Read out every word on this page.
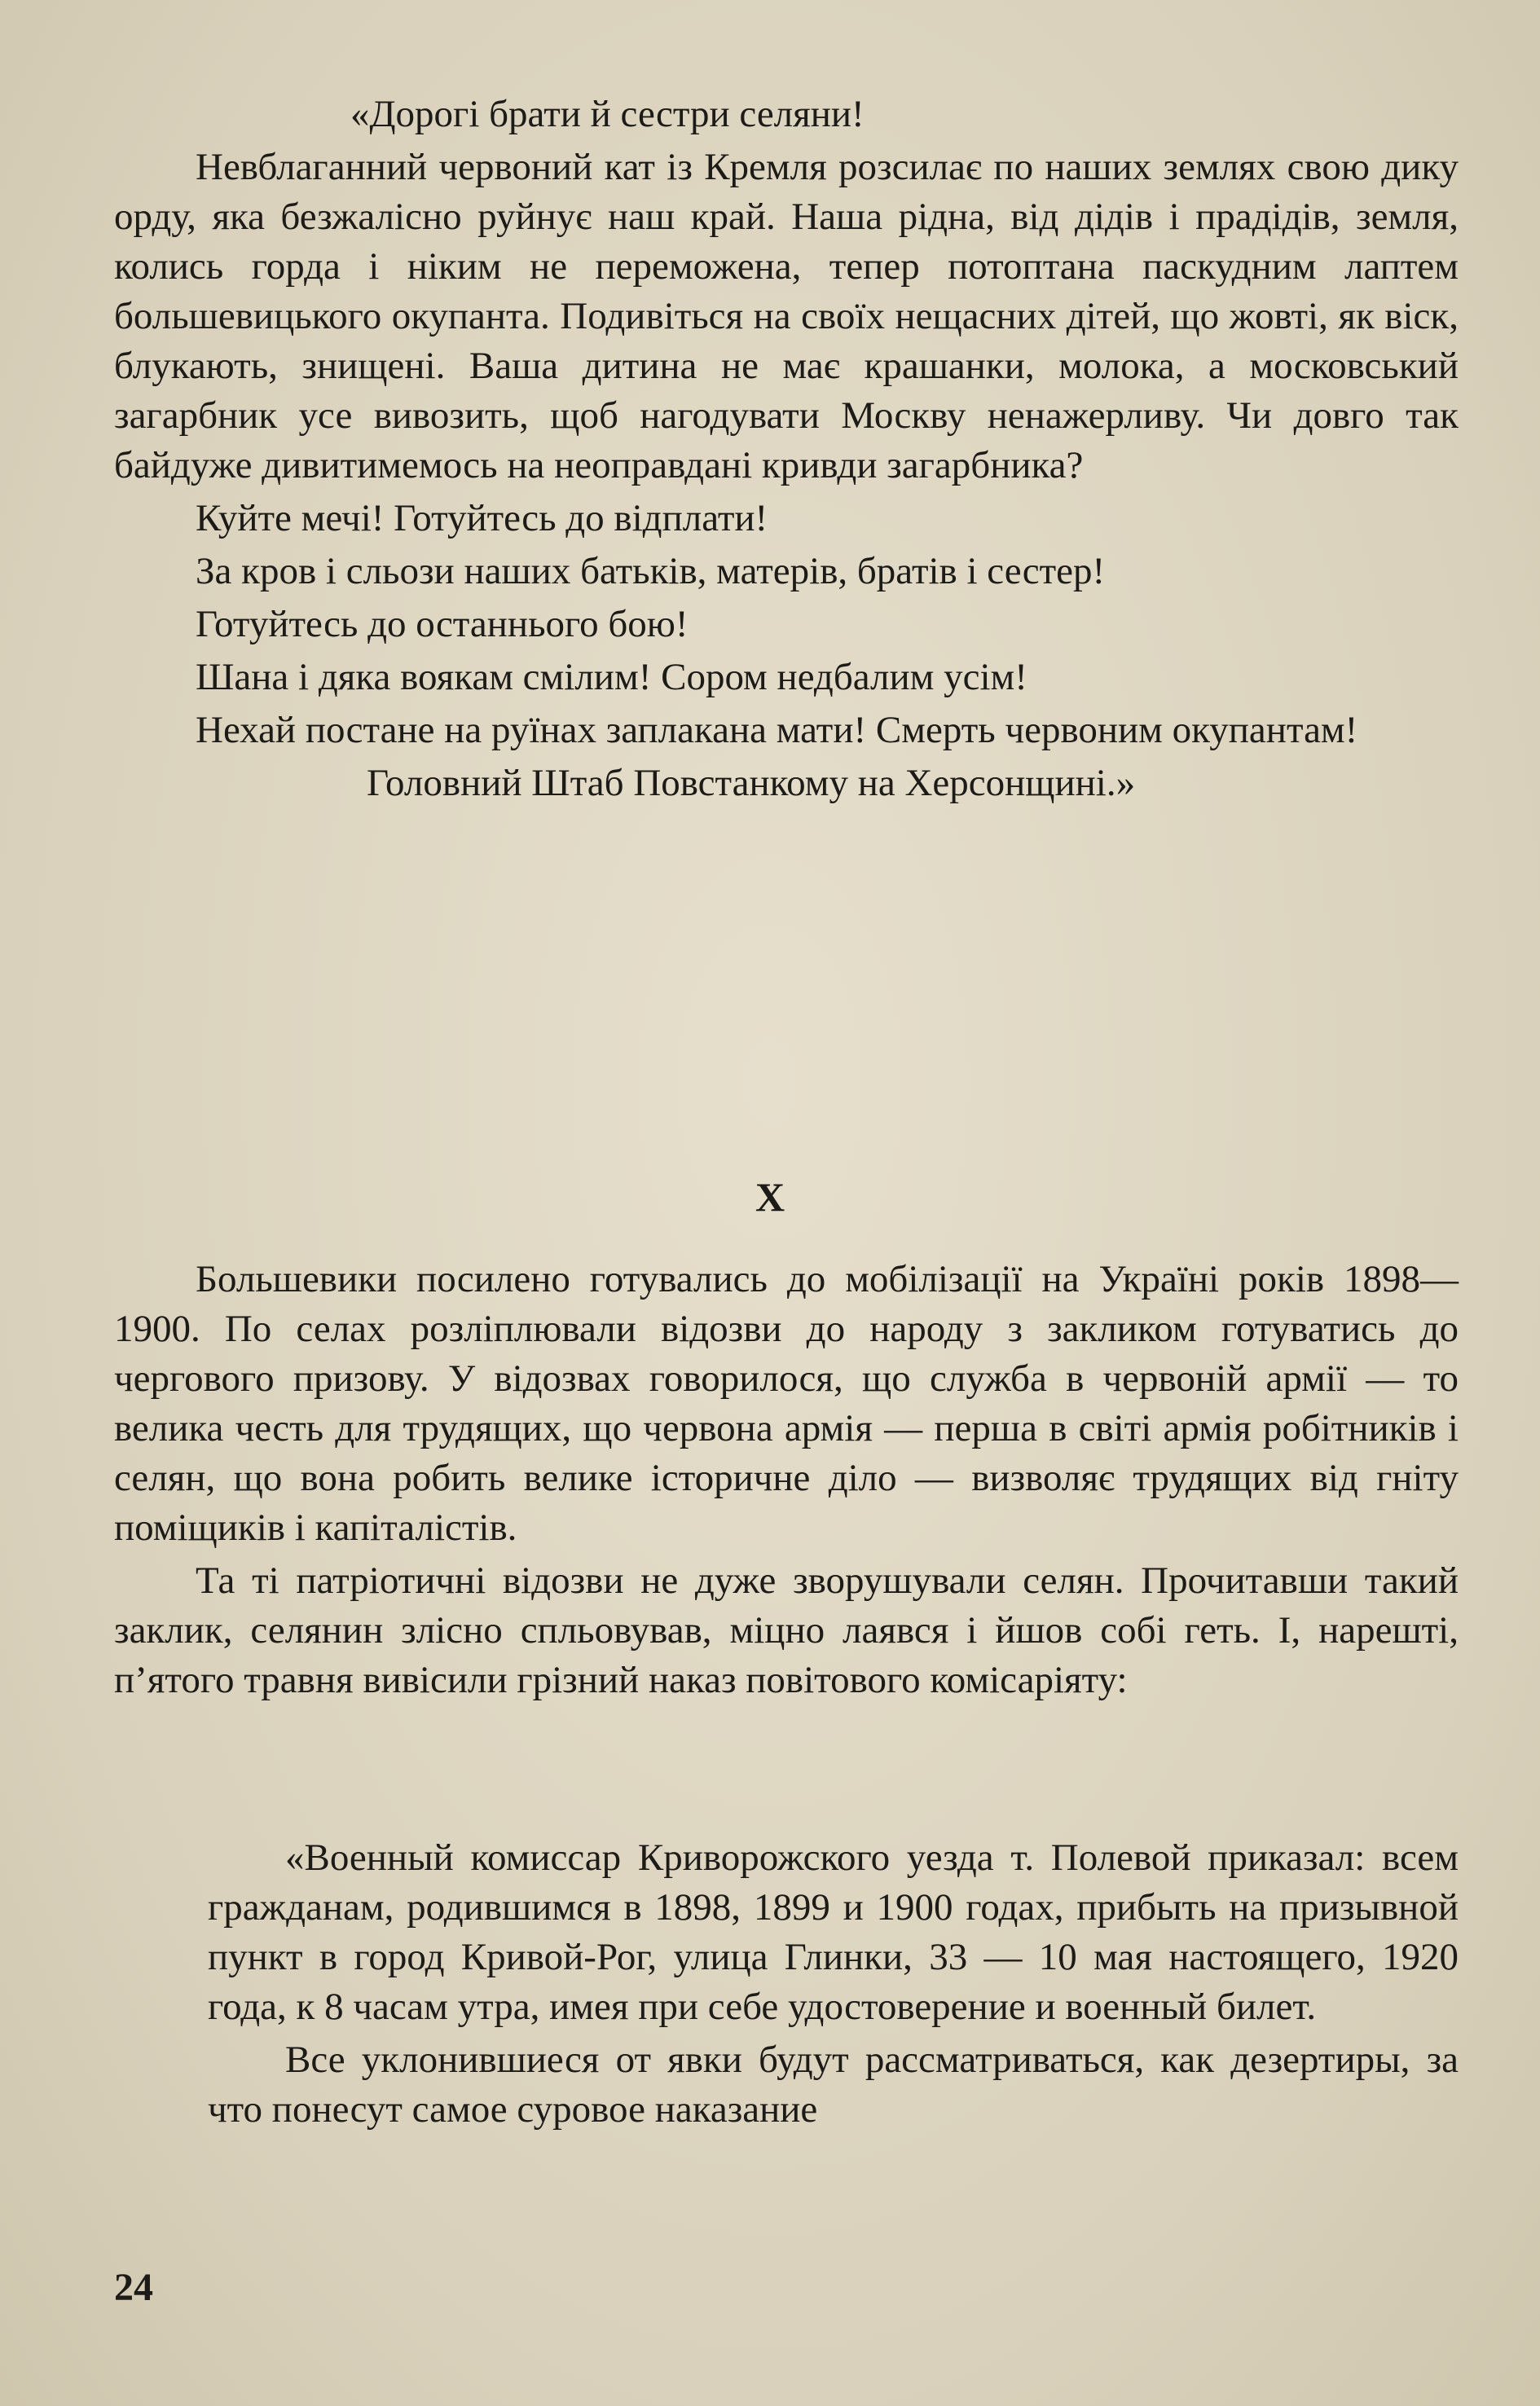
«Дорогі брати й сестри селяни!

Невблаганний червоний кат із Кремля розсилає по наших землях свою дику орду, яка безжалісно руйнує наш край. Наша рідна, від дідів і прадідів, земля, колись горда і ніким не переможена, тепер потоптана паскудним лаптем большевицького окупанта. Подивіться на своїх нещасних дітей, що жовті, як віск, блукають, знищені. Ваша дитина не має крашанки, молока, а московський загарбник усе вивозить, щоб нагодувати Москву ненажерливу. Чи довго так байдуже дивитимемось на неоправдані кривди загарбника?

Куйте мечі! Готуйтесь до відплати!

За кров і сльози наших батьків, матерів, братів і сестер!

Готуйтесь до останнього бою!

Шана і дяка воякам смілим! Сором недбалим усім!

Нехай постане на руїнах заплакана мати! Смерть червоним окупантам!

Головний Штаб Повстанкому на Херсонщині.»

X

Большевики посилено готувались до мобілізації на Україні років 1898—1900. По селах розліплювали відозви до народу з закликом готуватись до чергового призову. У відозвах говорилося, що служба в червоній армії — то велика честь для трудящих, що червона армія — перша в світі армія робітників і селян, що вона робить велике історичне діло — визволяє трудящих від гніту поміщиків і капіталістів.

Та ті патріотичні відозви не дуже зворушували селян. Прочитавши такий заклик, селянин злісно спльовував, міцно лаявся і йшов собі геть. І, нарешті, п’ятого травня вивісили грізний наказ повітового комісаріяту:

«Военный комиссар Криворожского уезда т. Полевой приказал: всем гражданам, родившимся в 1898, 1899 и 1900 годах, прибыть на призывной пункт в город Кривой-Рог, улица Глинки, 33 — 10 мая настоящего, 1920 года, к 8 часам утра, имея при себе удостоверение и военный билет.

Все уклонившиеся от явки будут рассматриваться, как дезертиры, за что понесут самое суровое наказание

24
